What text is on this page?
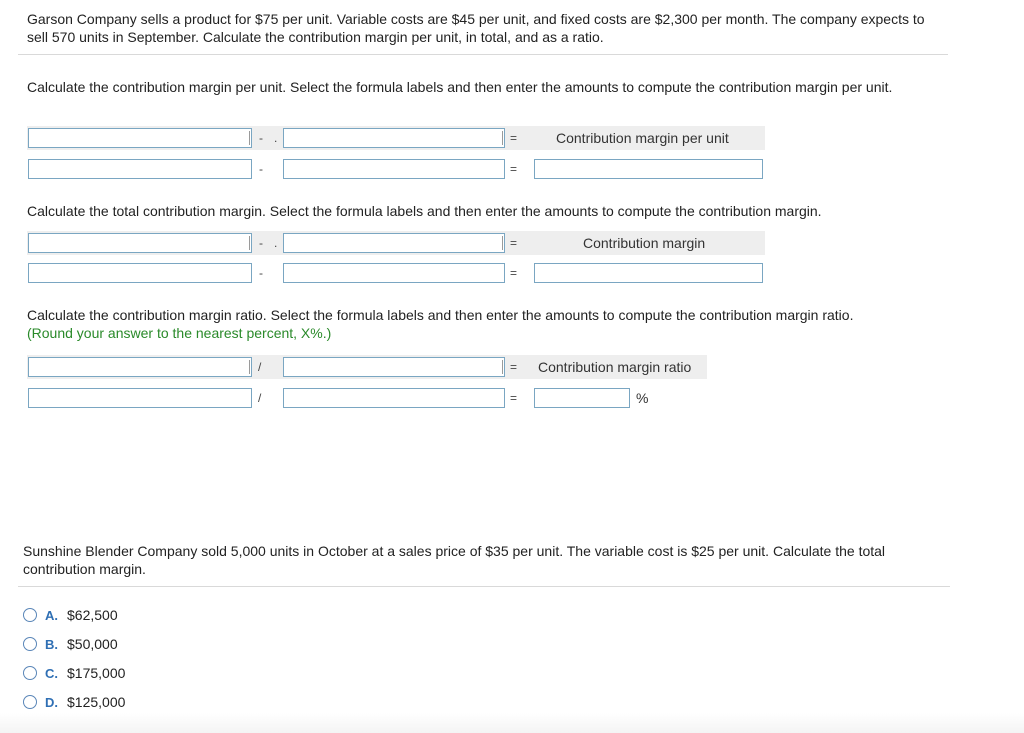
Garson Company sells a product for $75 per unit. Variable costs are $45 per unit, and fixed costs are $2,300 per month. The company expects to sell 570 units in September. Calculate the contribution margin per unit, in total, and as a ratio.
Calculate the contribution margin per unit. Select the formula labels and then enter the amounts to compute the contribution margin per unit.
- .	=	Contribution margin per unit
-	=
Calculate the total contribution margin. Select the formula labels and then enter the amounts to compute the contribution margin.
- .	=	Contribution margin
-	=
Calculate the contribution margin ratio. Select the formula labels and then enter the amounts to compute the contribution margin ratio.
(Round your answer to the nearest percent, X%.)
/	= Contribution margin ratio
/	=	%
Sunshine Blender Company sold 5,000 units in October at a sales price of $35 per unit. The variable cost is $25 per unit. Calculate the total contribution margin.
A. $62,500
B. $50,000
C. $175,000
D. $125,000
